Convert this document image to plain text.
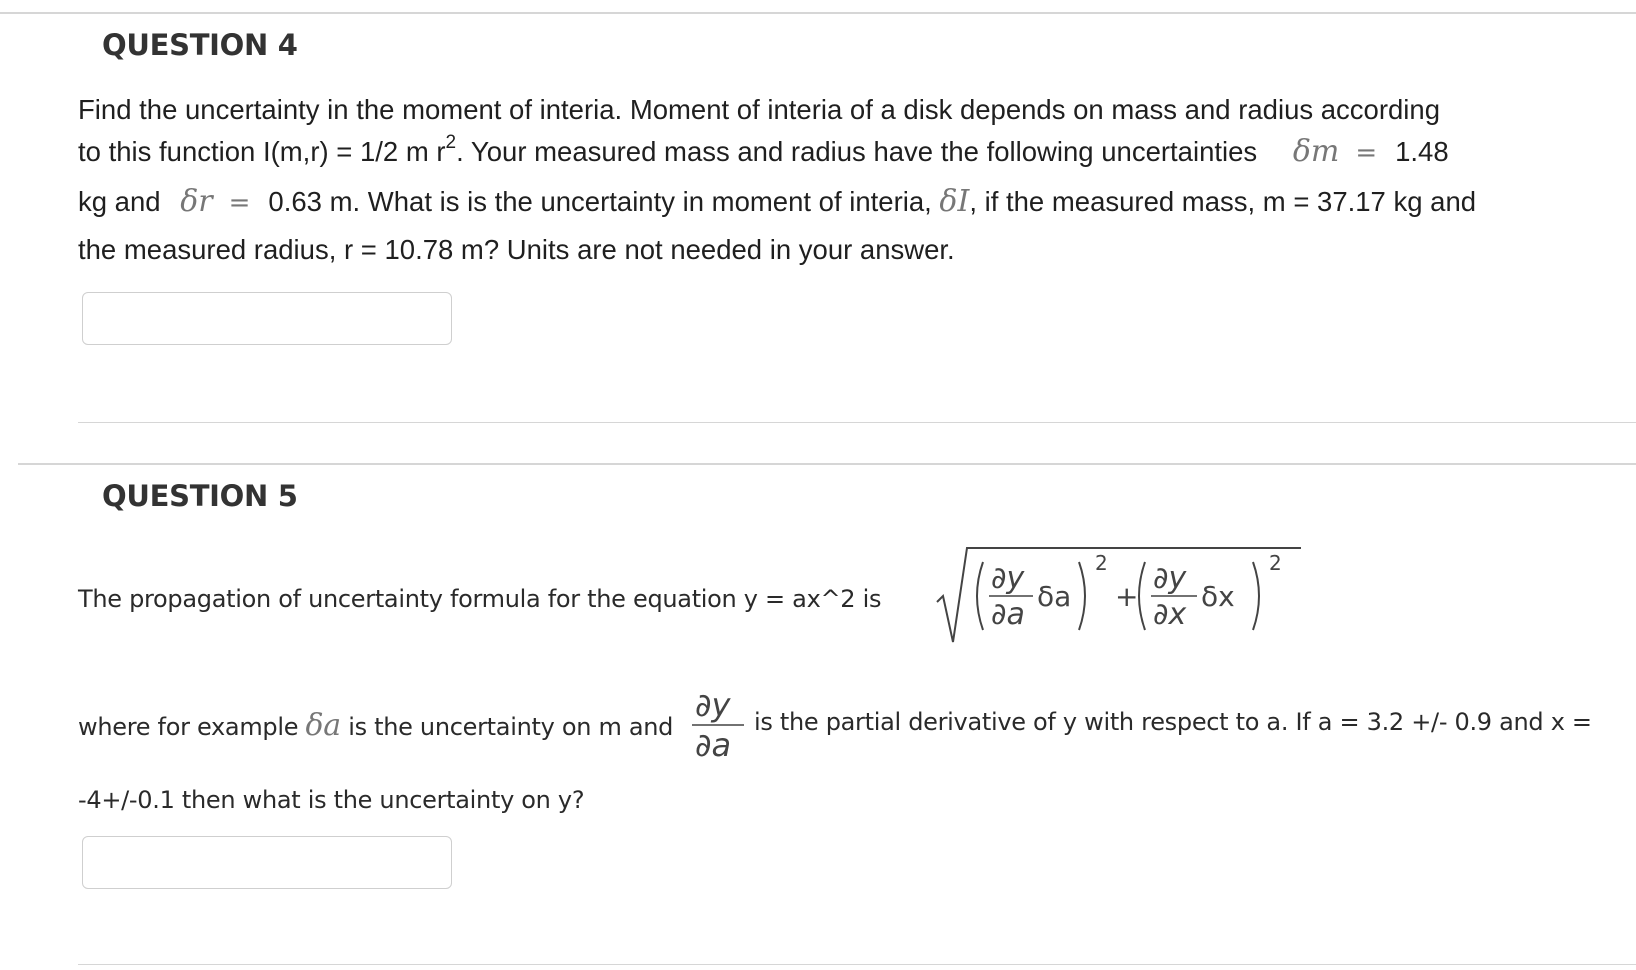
QUESTION 4
Find the uncertainty in the moment of interia. Moment of interia of a disk depends on mass and radius according
to this function I(m,r) = 1/2 m $r^2$. Your measured mass and radius have the following uncertainties δm = 1.48
kg and δr = 0.63 m. What is is the uncertainty in moment of interia, δI, if the measured mass, m = 37.17 kg and
the measured radius, r = 10.78 m? Units are not needed in your answer.
QUESTION 5
The propagation of uncertainty formula for the equation y = ax^2 is
∂y
∂a
δa
2
+
∂y
∂x
δx
2
where for example δa is the uncertainty on m and
∂y
∂a
is the partial derivative of y with respect to a. If a = 3.2 +/- 0.9 and x =
-4+/-0.1 then what is the uncertainty on y?
